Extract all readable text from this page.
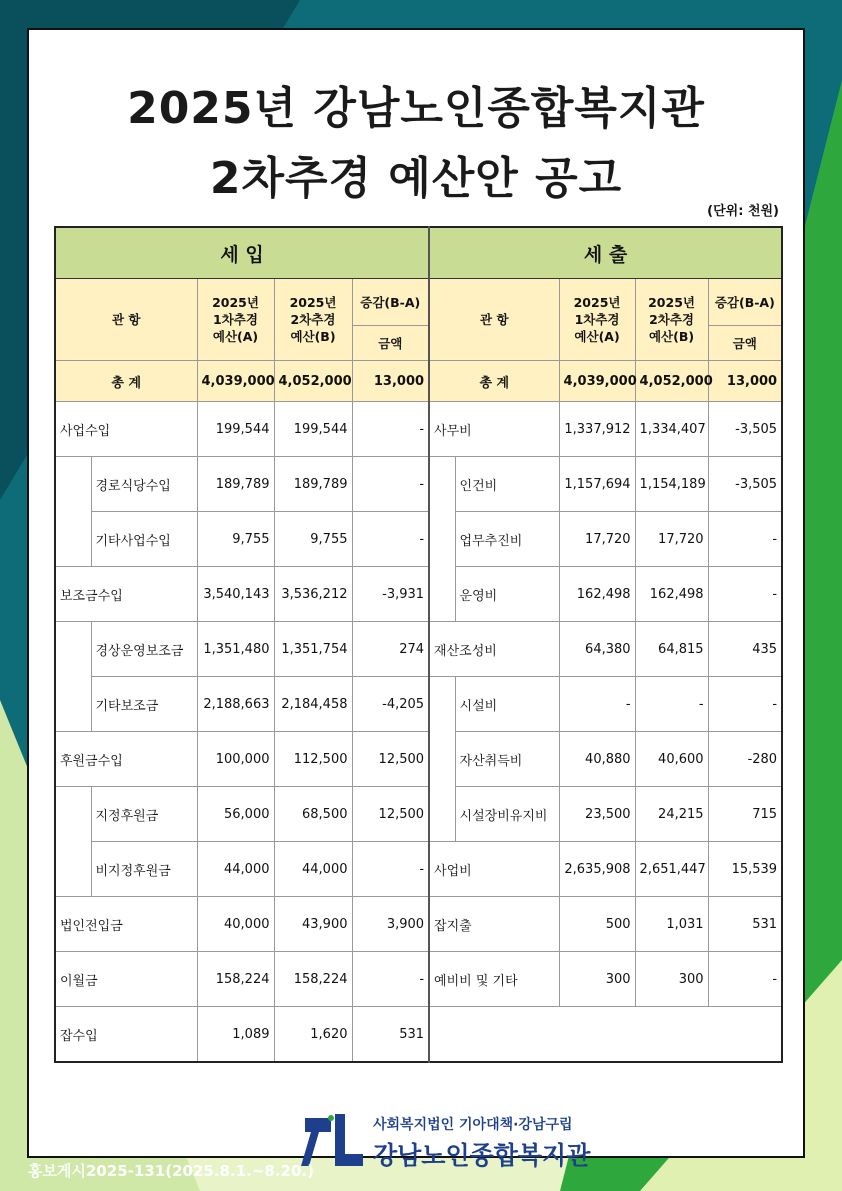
2025년 강남노인종합복지관
2차추경 예산안 공고
(단위: 천원)
세 입					세 출				
관 항		2025년
1차추경
예산(A)	2025년
2차추경
예산(B)	증감(B-A)	관 항		2025년
1차추경
예산(A)	2025년
2차추경
예산(B)	증감(B-A)
				금액					금액
총 계		4,039,000	4,052,000	13,000	총 계		4,039,000	4,052,000	13,000
사업수입		199,544	199,544	-	사무비		1,337,912	1,334,407	-3,505
	경로식당수입	189,789	189,789	-		인건비	1,157,694	1,154,189	-3,505
	기타사업수입	9,755	9,755	-		업무추진비	17,720	17,720	-
보조금수입		3,540,143	3,536,212	-3,931		운영비	162,498	162,498	-
	경상운영보조금	1,351,480	1,351,754	274	재산조성비		64,380	64,815	435
	기타보조금	2,188,663	2,184,458	-4,205		시설비	-	-	-
후원금수입		100,000	112,500	12,500		자산취득비	40,880	40,600	-280
	지정후원금	56,000	68,500	12,500		시설장비유지비	23,500	24,215	715
	비지정후원금	44,000	44,000	-	사업비		2,635,908	2,651,447	15,539
법인전입금		40,000	43,900	3,900	잡지출		500	1,031	531
이월금		158,224	158,224	-	예비비 및 기타		300	300	-
잡수입		1,089	1,620	531					
사회복지법인 기아대책·강남구립
강남노인종합복지관
홍보게시2025-131(2025.8.1.~8.20.)
